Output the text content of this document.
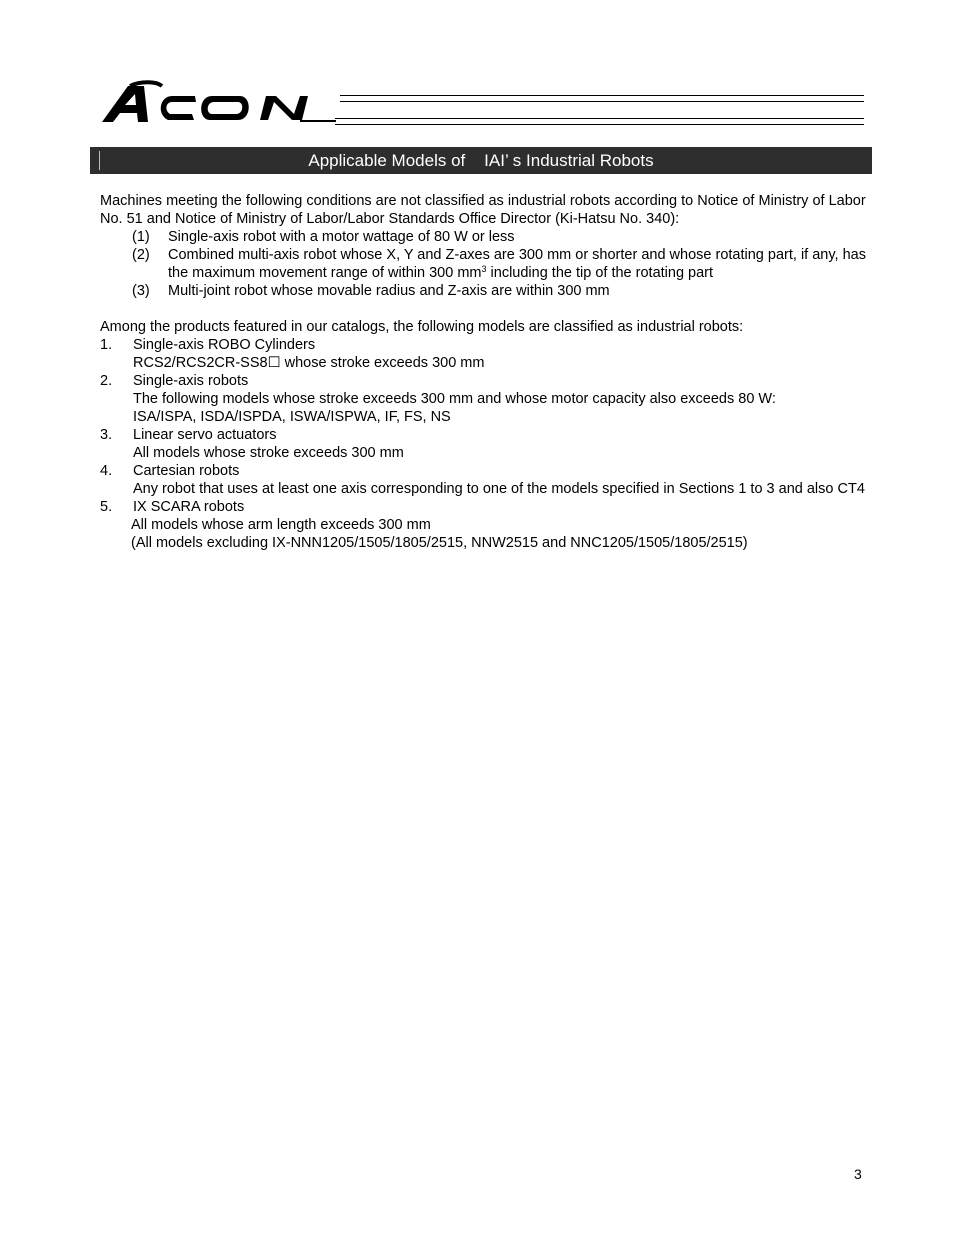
Applicable Models of IAI’ s Industrial Robots

Machines meeting the following conditions are not classified as industrial robots according to Notice of Ministry of Labor No. 51 and Notice of Ministry of Labor/Labor Standards Office Director (Ki-Hatsu No. 340):

(1) Single-axis robot with a motor wattage of 80 W or less
(2) Combined multi-axis robot whose X, Y and Z-axes are 300 mm or shorter and whose rotating part, if any, has the maximum movement range of within 300 $mm^3$ including the tip of the rotating part
(3) Multi-joint robot whose movable radius and Z-axis are within 300 mm

Among the products featured in our catalogs, the following models are classified as industrial robots:

1. Single-axis ROBO Cylinders
RCS2/RCS2CR-SS8☐ whose stroke exceeds 300 mm
2. Single-axis robots
The following models whose stroke exceeds 300 mm and whose motor capacity also exceeds 80 W:
ISA/ISPA, ISDA/ISPDA, ISWA/ISPWA, IF, FS, NS
3. Linear servo actuators
All models whose stroke exceeds 300 mm
4. Cartesian robots
Any robot that uses at least one axis corresponding to one of the models specified in Sections 1 to 3 and also CT4
5. IX SCARA robots
All models whose arm length exceeds 300 mm
(All models excluding IX-NNN1205/1505/1805/2515, NNW2515 and NNC1205/1505/1805/2515)
3
